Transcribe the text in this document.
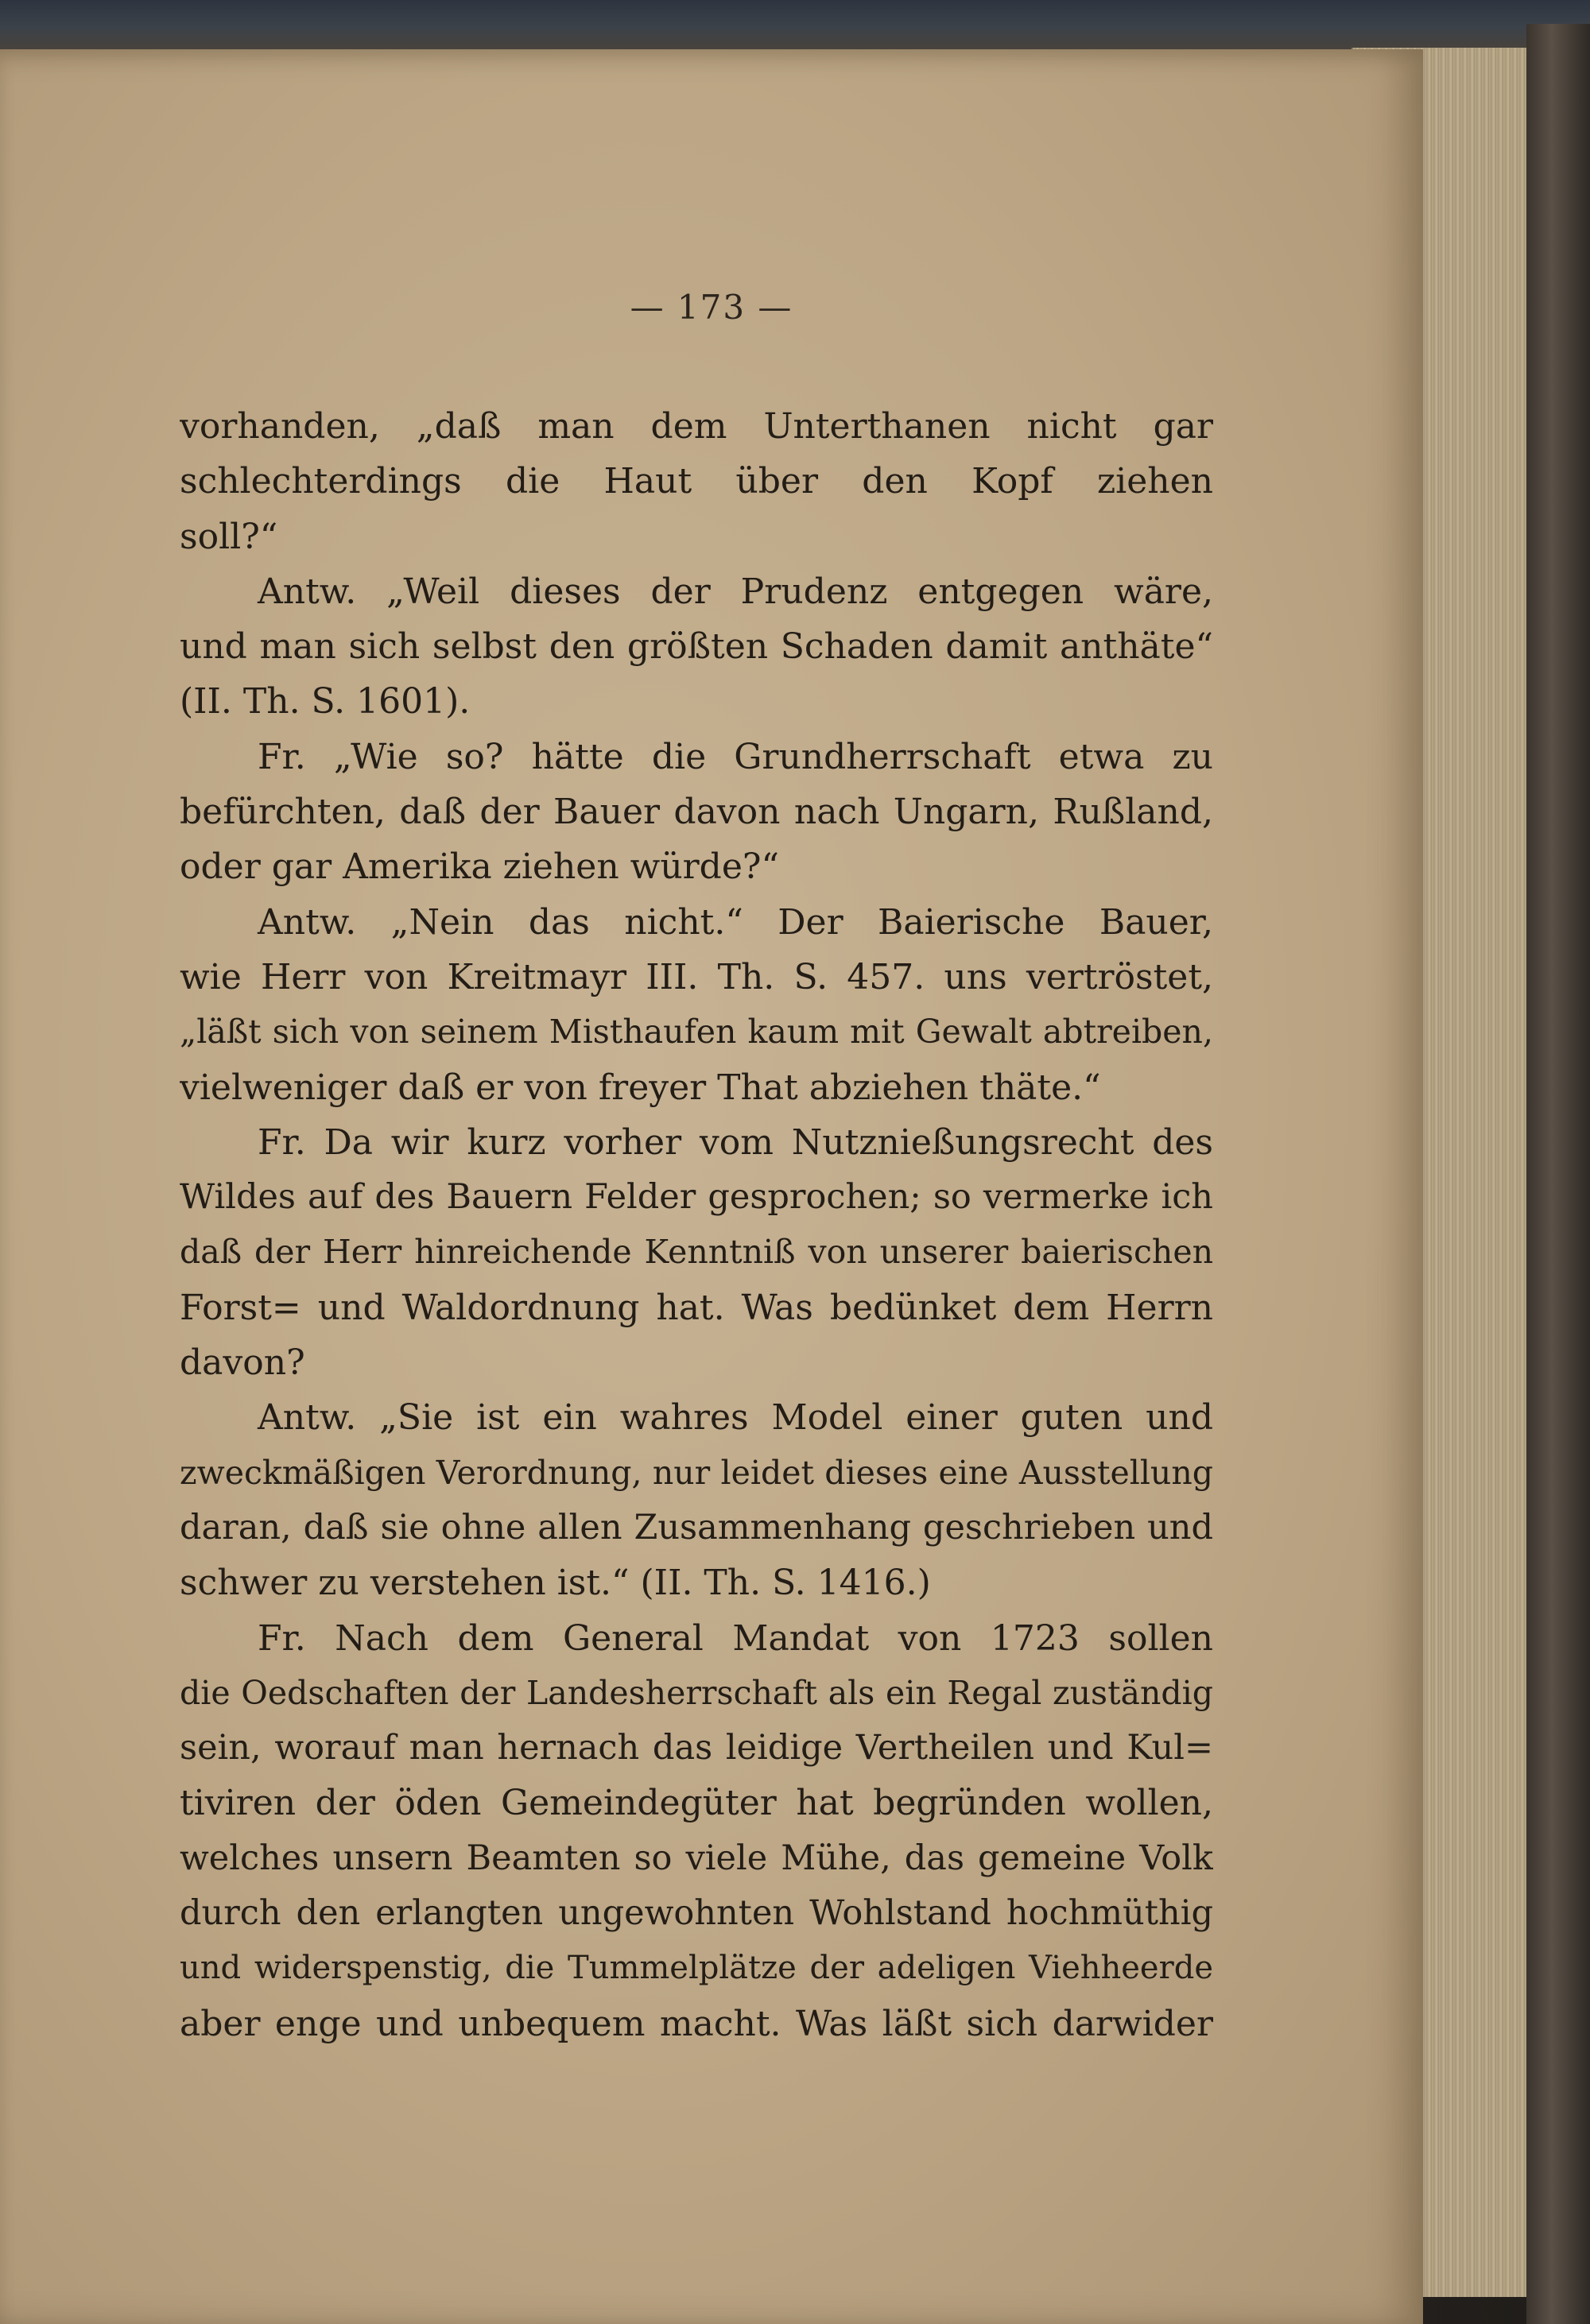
— 173 —
vorhanden, „daß man dem Unterthanen nicht gar
schlechterdings die Haut über den Kopf ziehen
soll?“
Antw. „Weil dieses der Prudenz entgegen wäre,
und man sich selbst den größten Schaden damit anthäte“
(II. Th. S. 1601).
Fr. „Wie so? hätte die Grundherrschaft etwa zu
befürchten, daß der Bauer davon nach Ungarn, Rußland,
oder gar Amerika ziehen würde?“
Antw. „Nein das nicht.“ Der Baierische Bauer,
wie Herr von Kreitmayr III. Th. S. 457. uns vertröstet,
„läßt sich von seinem Misthaufen kaum mit Gewalt abtreiben,
vielweniger daß er von freyer That abziehen thäte.“
Fr. Da wir kurz vorher vom Nutznießungsrecht des
Wildes auf des Bauern Felder gesprochen; so vermerke ich
daß der Herr hinreichende Kenntniß von unserer baierischen
Forst= und Waldordnung hat. Was bedünket dem Herrn
davon?
Antw. „Sie ist ein wahres Model einer guten und
zweckmäßigen Verordnung, nur leidet dieses eine Ausstellung
daran, daß sie ohne allen Zusammenhang geschrieben und
schwer zu verstehen ist.“ (II. Th. S. 1416.)
Fr. Nach dem General Mandat von 1723 sollen
die Oedschaften der Landesherrschaft als ein Regal zuständig
sein, worauf man hernach das leidige Vertheilen und Kul=
tiviren der öden Gemeindegüter hat begründen wollen,
welches unsern Beamten so viele Mühe, das gemeine Volk
durch den erlangten ungewohnten Wohlstand hochmüthig
und widerspenstig, die Tummelplätze der adeligen Viehheerde
aber enge und unbequem macht. Was läßt sich darwider
